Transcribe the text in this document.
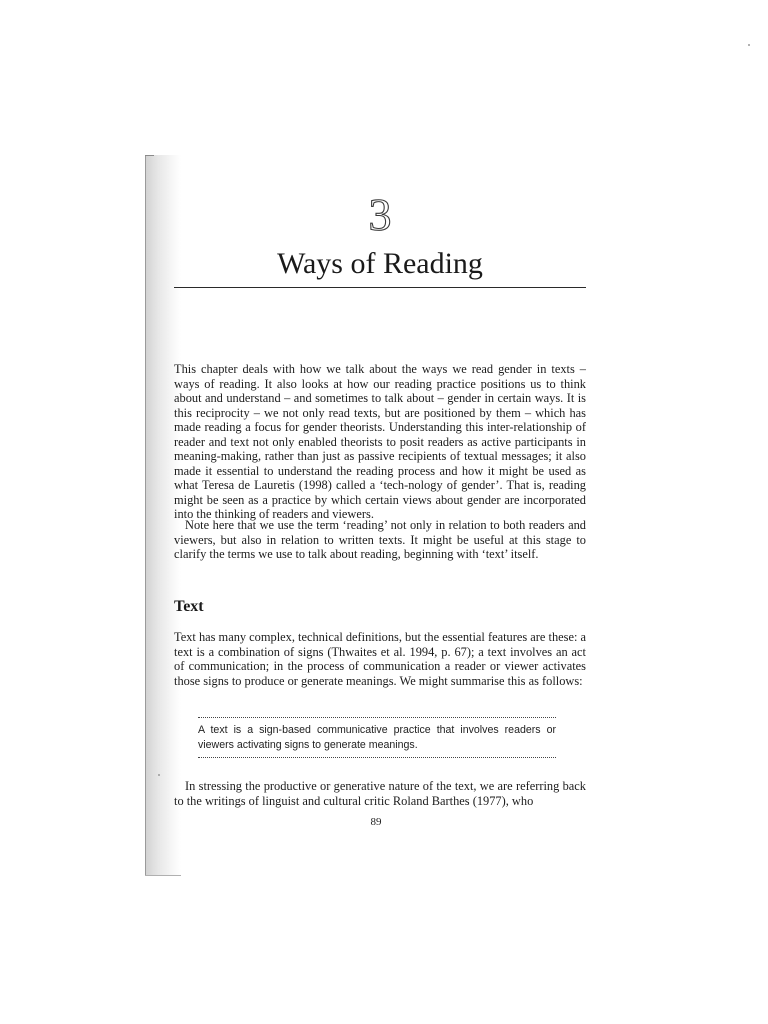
3
Ways of Reading

This chapter deals with how we talk about the ways we read gender in texts – ways of reading. It also looks at how our reading practice positions us to think about and understand – and sometimes to talk about – gender in certain ways. It is this reciprocity – we not only read texts, but are positioned by them – which has made reading a focus for gender theorists. Understanding this inter-relationship of reader and text not only enabled theorists to posit readers as active participants in meaning-making, rather than just as passive recipients of textual messages; it also made it essential to understand the reading process and how it might be used as what Teresa de Lauretis (1998) called a ‘tech-nology of gender’. That is, reading might be seen as a practice by which certain views about gender are incorporated into the thinking of readers and viewers.

Note here that we use the term ‘reading’ not only in relation to both readers and viewers, but also in relation to written texts. It might be useful at this stage to clarify the terms we use to talk about reading, beginning with ‘text’ itself.

Text

Text has many complex, technical definitions, but the essential features are these: a text is a combination of signs (Thwaites et al. 1994, p. 67); a text involves an act of communication; in the process of communication a reader or viewer activates those signs to produce or generate meanings. We might summarise this as follows:

A text is a sign-based communicative practice that involves readers or viewers activating signs to generate meanings.

In stressing the productive or generative nature of the text, we are referring back to the writings of linguist and cultural critic Roland Barthes (1977), who

89
